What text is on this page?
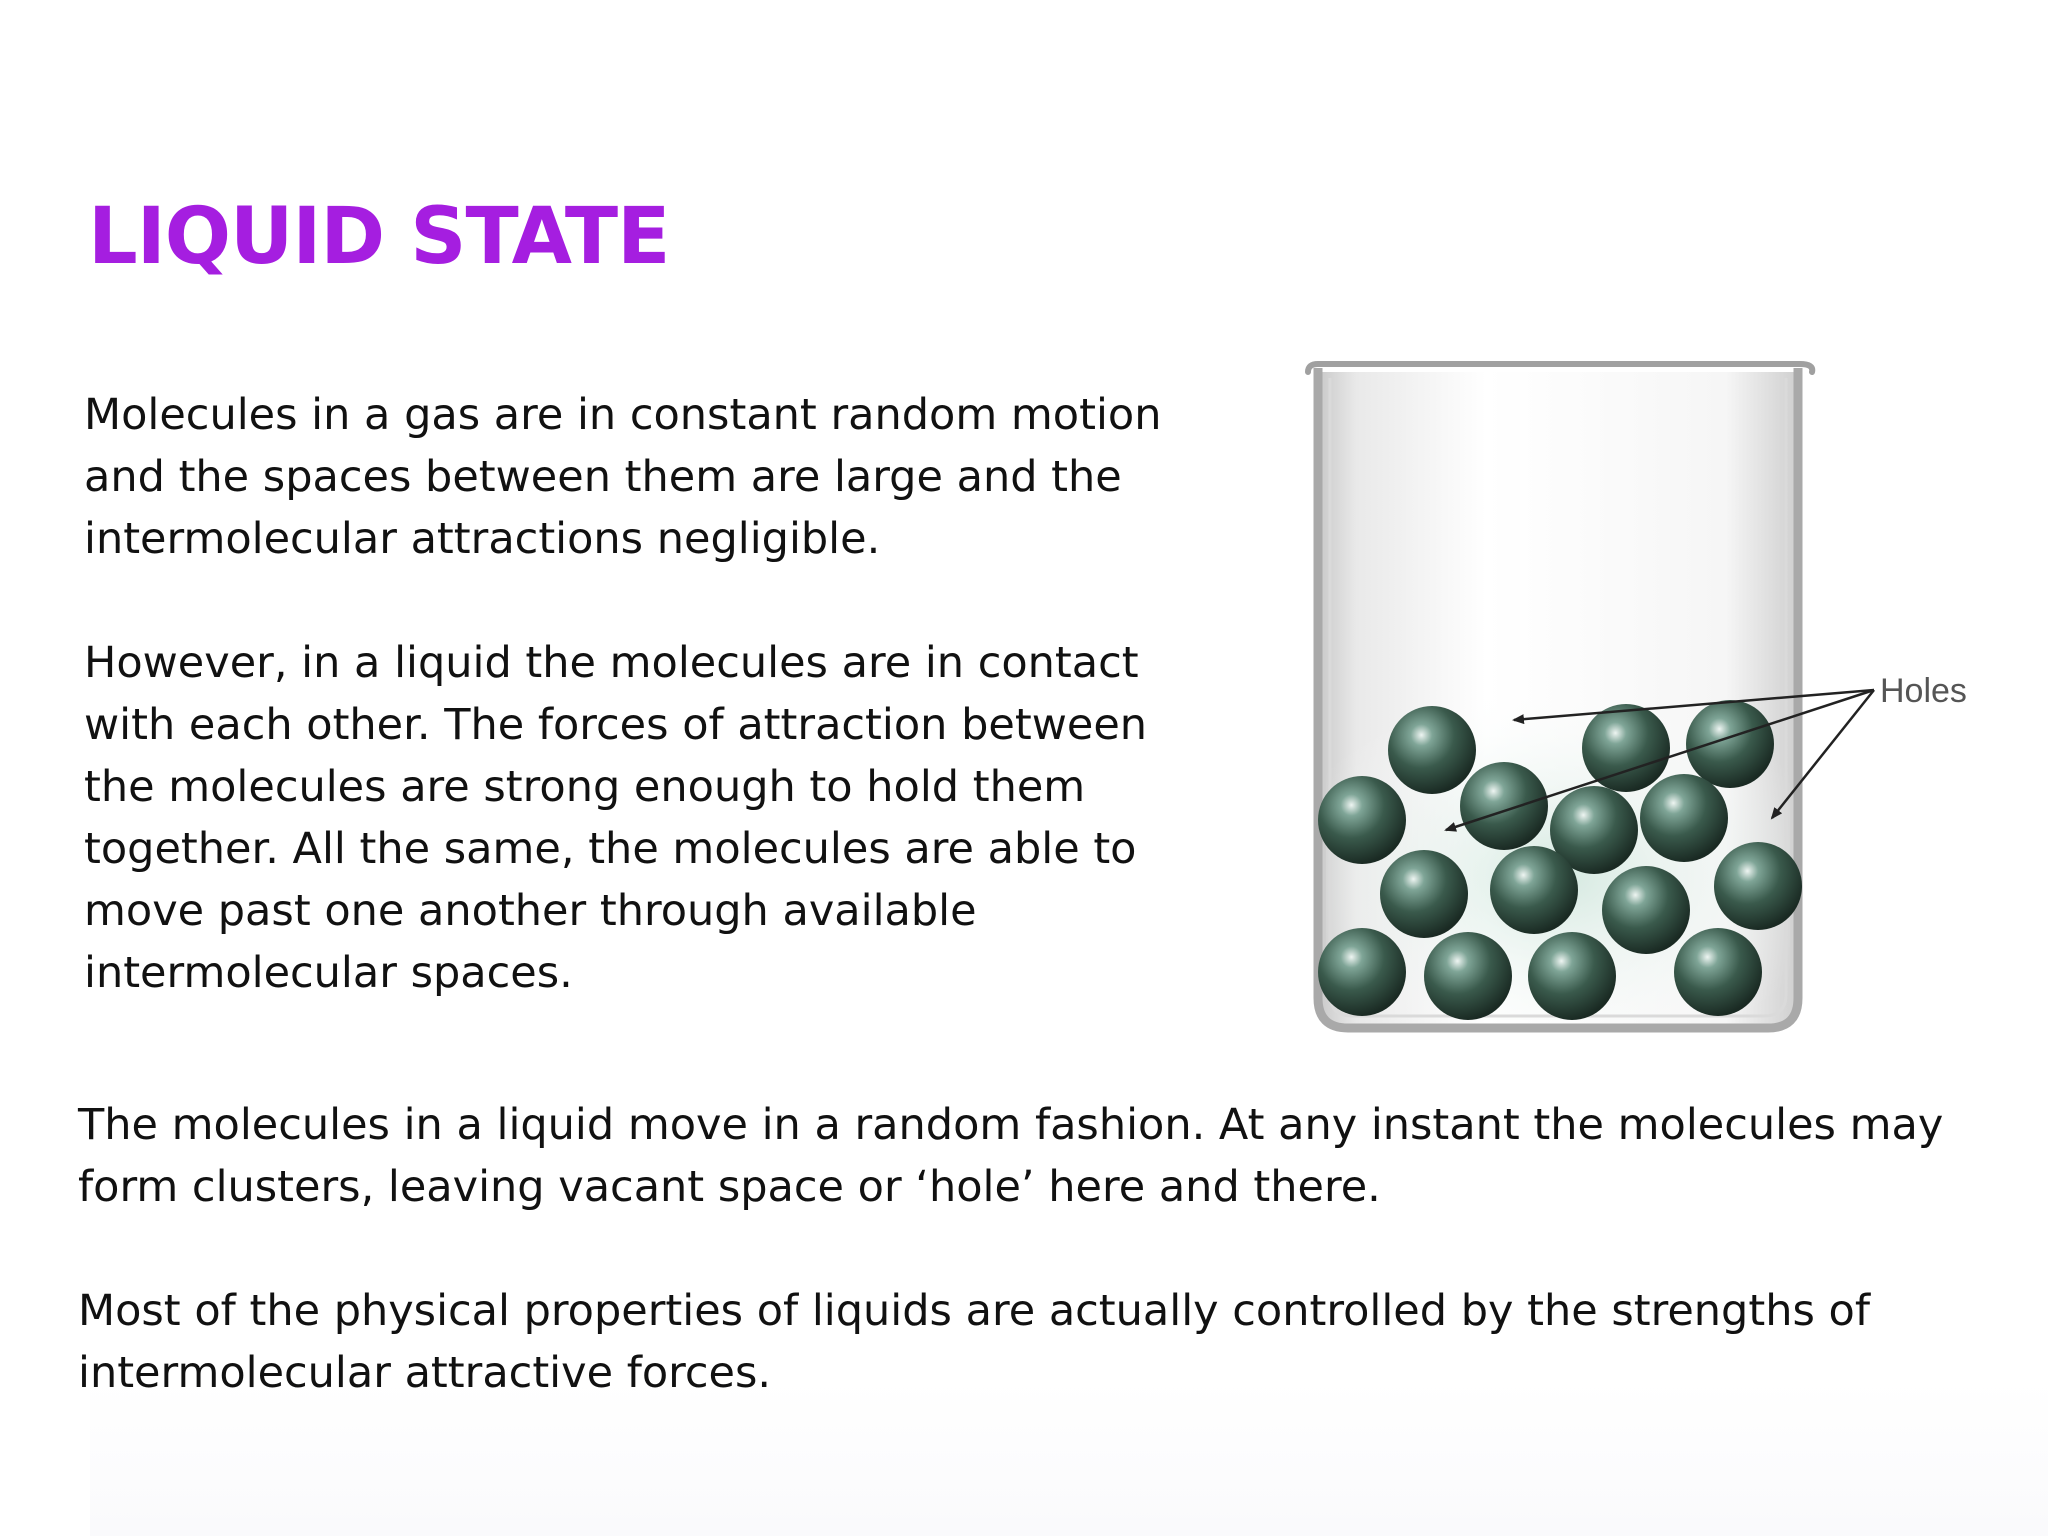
LIQUID STATE

Molecules in a gas are in constant random motion
and the spaces between them are large and the
intermolecular attractions negligible.

However, in a liquid the molecules are in contact
with each other. The forces of attraction between
the molecules are strong enough to hold them
together. All the same, the molecules are able to
move past one another through available
intermolecular spaces.

The molecules in a liquid move in a random fashion. At any instant the molecules may
form clusters, leaving vacant space or ‘hole’ here and there.

Most of the physical properties of liquids are actually controlled by the strengths of
intermolecular attractive forces.

Holes
